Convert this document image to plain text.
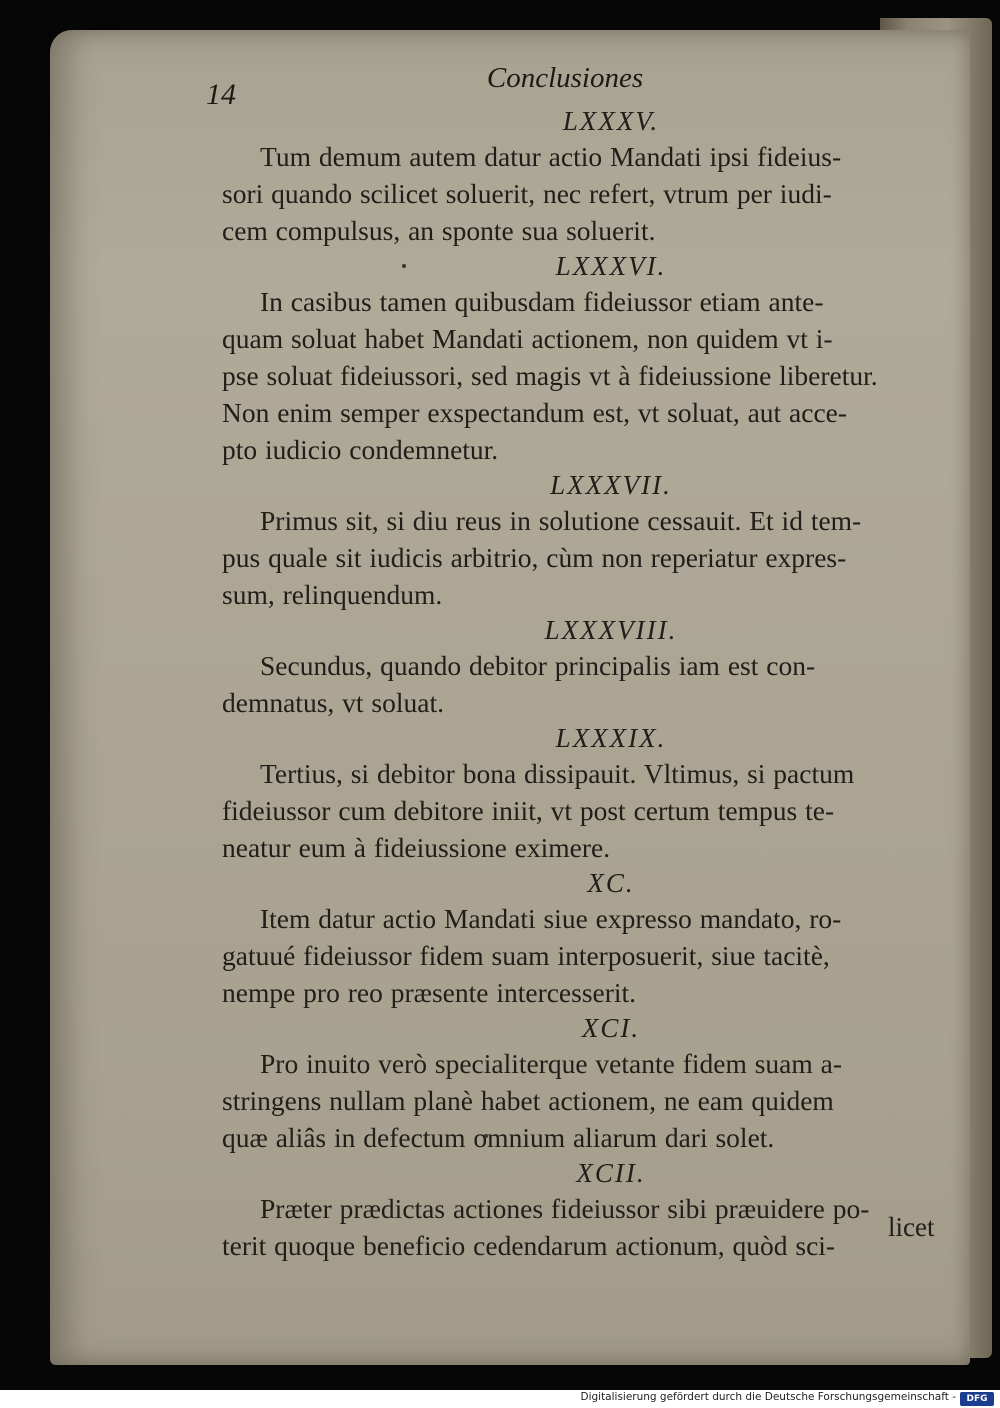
14	Conclusiones

LXXXV.

Tum demum autem datur actio Mandati ipsi fideius-

sori quando scilicet soluerit, nec refert, vtrum per iudi-

cem compulsus, an sponte sua soluerit.

LXXXVI.

In casibus tamen quibusdam fideiussor etiam ante-

quam soluat habet Mandati actionem, non quidem vt i-

pse soluat fideiussori, sed magis vt à fideiussione liberetur.

Non enim semper exspectandum est, vt soluat, aut acce-

pto iudicio condemnetur.

LXXXVII.

Primus sit, si diu reus in solutione cessauit. Et id tem-

pus quale sit iudicis arbitrio, cùm non reperiatur expres-

sum, relinquendum.

LXXXVIII.

Secundus, quando debitor principalis iam est con-

demnatus, vt soluat.

LXXXIX.

Tertius, si debitor bona dissipauit. Vltimus, si pactum

fideiussor cum debitore iniit, vt post certum tempus te-

neatur eum à fideiussione eximere.

XC.

Item datur actio Mandati siue expresso mandato, ro-

gatuué fideiussor fidem suam interposuerit, siue tacitè,

nempe pro reo præsente intercesserit.

XCI.

Pro inuito verò specialiterque vetante fidem suam a-

stringens nullam planè habet actionem, ne eam quidem

quæ aliâs in defectum omnium aliarum dari solet.

XCII.

Præter prædictas actiones fideiussor sibi præuidere po-

terit quoque beneficio cedendarum actionum, quòd sci-

licet

Digitalisierung gefördert durch die Deutsche Forschungsgemeinschaft -	DFG
